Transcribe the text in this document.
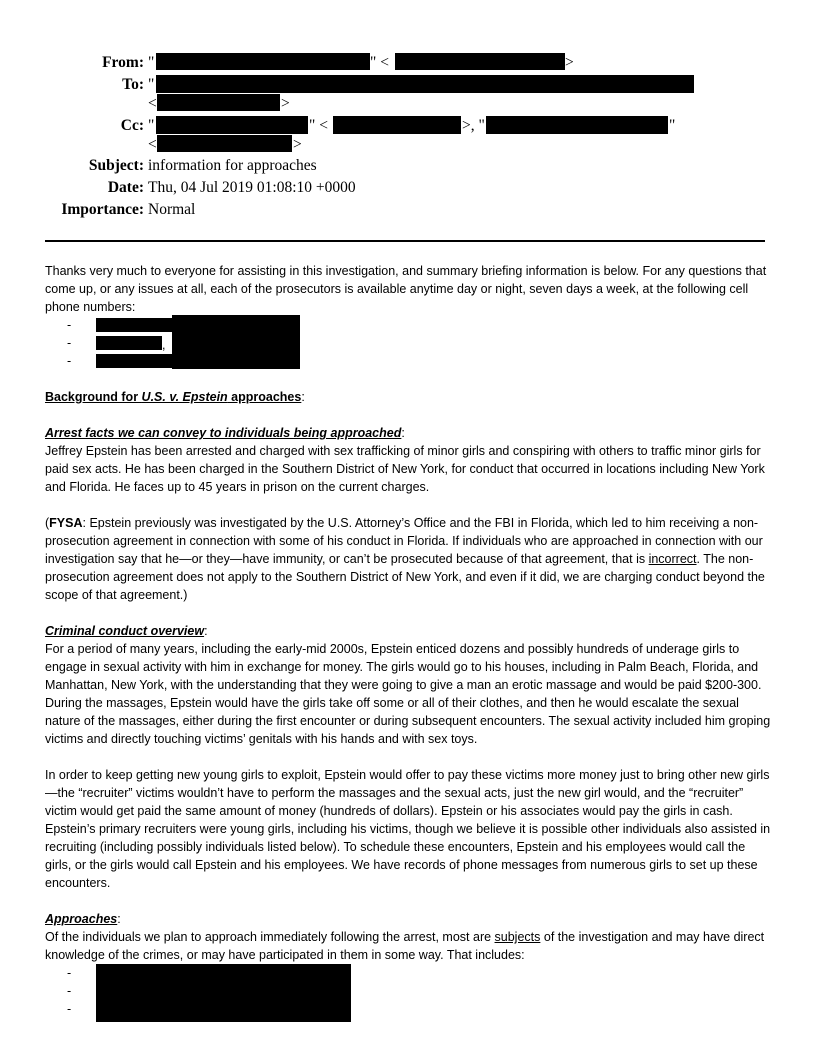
From: "	" <	>
To: "
<	>
Cc: "	" <	>, "	"
<	>
Subject: information for approaches
Date: Thu, 04 Jul 2019 01:08:10 +0000
Importance: Normal

Thanks very much to everyone for assisting in this investigation, and summary briefing information is below. For any questions that come up, or any issues at all, each of the prosecutors is available anytime day or night, seven days a week, at the following cell phone numbers:

-
-
-
,

Background for U.S. v. Epstein approaches:

Arrest facts we can convey to individuals being approached:

Jeffrey Epstein has been arrested and charged with sex trafficking of minor girls and conspiring with others to traffic minor girls for paid sex acts. He has been charged in the Southern District of New York, for conduct that occurred in locations including New York and Florida. He faces up to 45 years in prison on the current charges.

(FYSA: Epstein previously was investigated by the U.S. Attorney’s Office and the FBI in Florida, which led to him receiving a non-prosecution agreement in connection with some of his conduct in Florida. If individuals who are approached in connection with our investigation say that he—or they—have immunity, or can’t be prosecuted because of that agreement, that is incorrect. The non-prosecution agreement does not apply to the Southern District of New York, and even if it did, we are charging conduct beyond the scope of that agreement.)

Criminal conduct overview:

For a period of many years, including the early-mid 2000s, Epstein enticed dozens and possibly hundreds of underage girls to engage in sexual activity with him in exchange for money. The girls would go to his houses, including in Palm Beach, Florida, and Manhattan, New York, with the understanding that they were going to give a man an erotic massage and would be paid $200-300. During the massages, Epstein would have the girls take off some or all of their clothes, and then he would escalate the sexual nature of the massages, either during the first encounter or during subsequent encounters. The sexual activity included him groping victims and directly touching victims’ genitals with his hands and with sex toys.

In order to keep getting new young girls to exploit, Epstein would offer to pay these victims more money just to bring other new girls—the “recruiter” victims wouldn’t have to perform the massages and the sexual acts, just the new girl would, and the “recruiter” victim would get paid the same amount of money (hundreds of dollars). Epstein or his associates would pay the girls in cash. Epstein’s primary recruiters were young girls, including his victims, though we believe it is possible other individuals also assisted in recruiting (including possibly individuals listed below). To schedule these encounters, Epstein and his employees would call the girls, or the girls would call Epstein and his employees. We have records of phone messages from numerous girls to set up these encounters.

Approaches:

Of the individuals we plan to approach immediately following the arrest, most are subjects of the investigation and may have direct knowledge of the crimes, or may have participated in them in some way. That includes:

-
-
-
